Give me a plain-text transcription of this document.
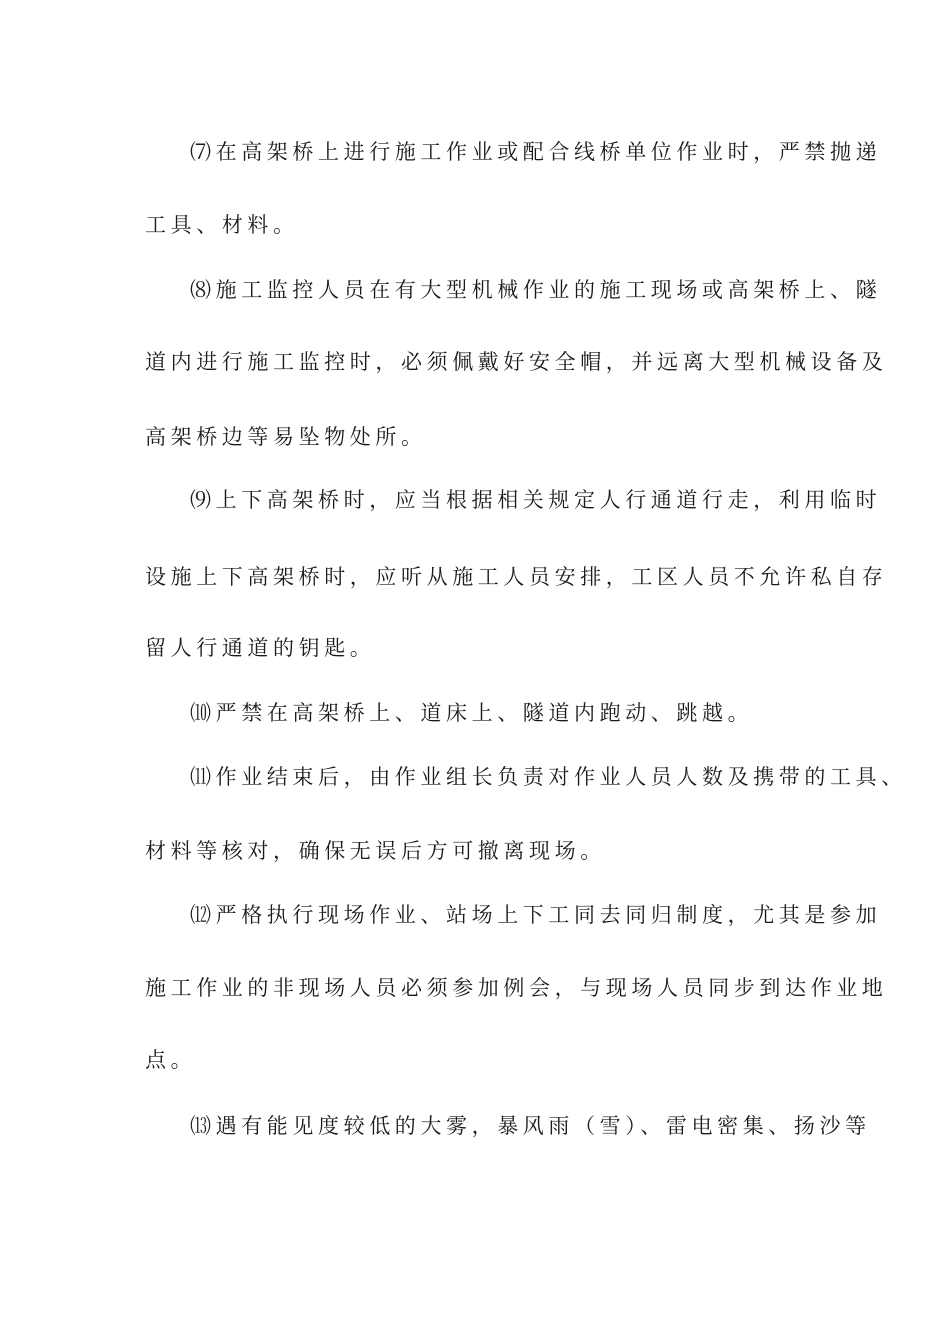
⑺在高架桥上进行施工作业或配合线桥单位作业时，严禁抛递
工具、材料。
⑻施工监控人员在有大型机械作业的施工现场或高架桥上、隧
道内进行施工监控时，必须佩戴好安全帽，并远离大型机械设备及
高架桥边等易坠物处所。
⑼上下高架桥时，应当根据相关规定人行通道行走，利用临时
设施上下高架桥时，应听从施工人员安排，工区人员不允许私自存
留人行通道的钥匙。
⑽严禁在高架桥上、道床上、隧道内跑动、跳越。
⑾作业结束后，由作业组长负责对作业人员人数及携带的工具、
材料等核对，确保无误后方可撤离现场。
⑿严格执行现场作业、站场上下工同去同归制度，尤其是参加
施工作业的非现场人员必须参加例会，与现场人员同步到达作业地
点。
⒀遇有能见度较低的大雾，暴风雨（雪）、雷电密集、扬沙等
